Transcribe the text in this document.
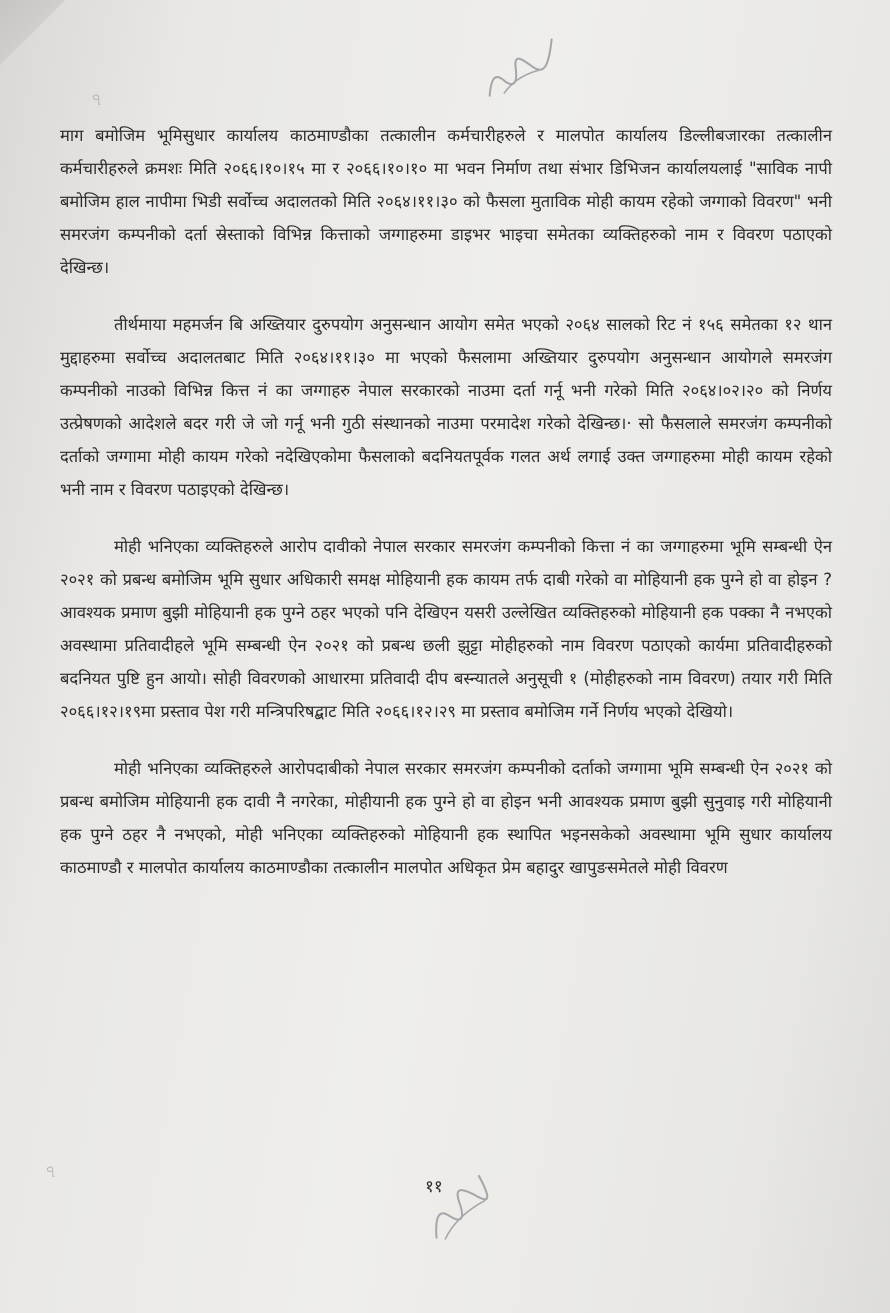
ঀ

माग बमोजिम भूमिसुधार कार्यालय काठमाण्डौका तत्कालीन कर्मचारीहरुले र मालपोत कार्यालय डिल्लीबजारका तत्कालीन कर्मचारीहरुले क्रमशः मिति २०६६।१०।१५ मा र २०६६।१०।१० मा भवन निर्माण तथा संभार डिभिजन कार्यालयलाई "साविक नापी बमोजिम हाल नापीमा भिडी सर्वोच्च अदालतको मिति २०६४।११।३० को फैसला मुताविक मोही कायम रहेको जग्गाको विवरण" भनी समरजंग कम्पनीको दर्ता स्रेस्ताको विभिन्न कित्ताको जग्गाहरुमा डाइभर भाइचा समेतका व्यक्तिहरुको नाम र विवरण पठाएको देखिन्छ।

तीर्थमाया महमर्जन बि अख्तियार दुरुपयोग अनुसन्धान आयोग समेत भएको २०६४ सालको रिट नं १५६ समेतका १२ थान मुद्दाहरुमा सर्वोच्च अदालतबाट मिति २०६४।११।३० मा भएको फैसलामा अख्तियार दुरुपयोग अनुसन्धान आयोगले समरजंग कम्पनीको नाउको विभिन्न कित्त नं का जग्गाहरु नेपाल सरकारको नाउमा दर्ता गर्नू भनी गरेको मिति २०६४।०२।२० को निर्णय उत्प्रेषणको आदेशले बदर गरी जे जो गर्नू भनी गुठी संस्थानको नाउमा परमादेश गरेको देखिन्छ।· सो फैसलाले समरजंग कम्पनीको दर्ताको जग्गामा मोही कायम गरेको नदेखिएकोमा फैसलाको बदनियतपूर्वक गलत अर्थ लगाई उक्त जग्गाहरुमा मोही कायम रहेको भनी नाम र विवरण पठाइएको देखिन्छ।

मोही भनिएका व्यक्तिहरुले आरोप दावीको नेपाल सरकार समरजंग कम्पनीको कित्ता नं का जग्गाहरुमा भूमि सम्बन्धी ऐन २०२१ को प्रबन्ध बमोजिम भूमि सुधार अधिकारी समक्ष मोहियानी हक कायम तर्फ दाबी गरेको वा मोहियानी हक पुग्ने हो वा होइन ? आवश्यक प्रमाण बुझी मोहियानी हक पुग्ने ठहर भएको पनि देखिएन यसरी उल्लेखित व्यक्तिहरुको मोहियानी हक पक्का नै नभएको अवस्थामा प्रतिवादीहले भूमि सम्बन्धी ऐन २०२१ को प्रबन्ध छली झुट्टा मोहीहरुको नाम विवरण पठाएको कार्यमा प्रतिवादीहरुको बदनियत पुष्टि हुन आयो। सोही विवरणको आधारमा प्रतिवादी दीप बस्न्यातले अनुसूची १ (मोहीहरुको नाम विवरण) तयार गरी मिति २०६६।१२।१९मा प्रस्ताव पेश गरी मन्त्रिपरिषद्बाट मिति २०६६।१२।२९ मा प्रस्ताव बमोजिम गर्ने निर्णय भएको देखियो।

मोही भनिएका व्यक्तिहरुले आरोपदाबीको नेपाल सरकार समरजंग कम्पनीको दर्ताको जग्गामा भूमि सम्बन्धी ऐन २०२१ को प्रबन्ध बमोजिम मोहियानी हक दावी नै नगरेका, मोहीयानी हक पुग्ने हो वा होइन भनी आवश्यक प्रमाण बुझी सुनुवाइ गरी मोहियानी हक पुग्ने ठहर नै नभएको, मोही भनिएका व्यक्तिहरुको मोहियानी हक स्थापित भइनसकेको अवस्थामा भूमि सुधार कार्यालय काठमाण्डौ र मालपोत कार्यालय काठमाण्डौका तत्कालीन मालपोत अधिकृत प्रेम बहादुर खापुङसमेतले मोही विवरण

ঀ
११
